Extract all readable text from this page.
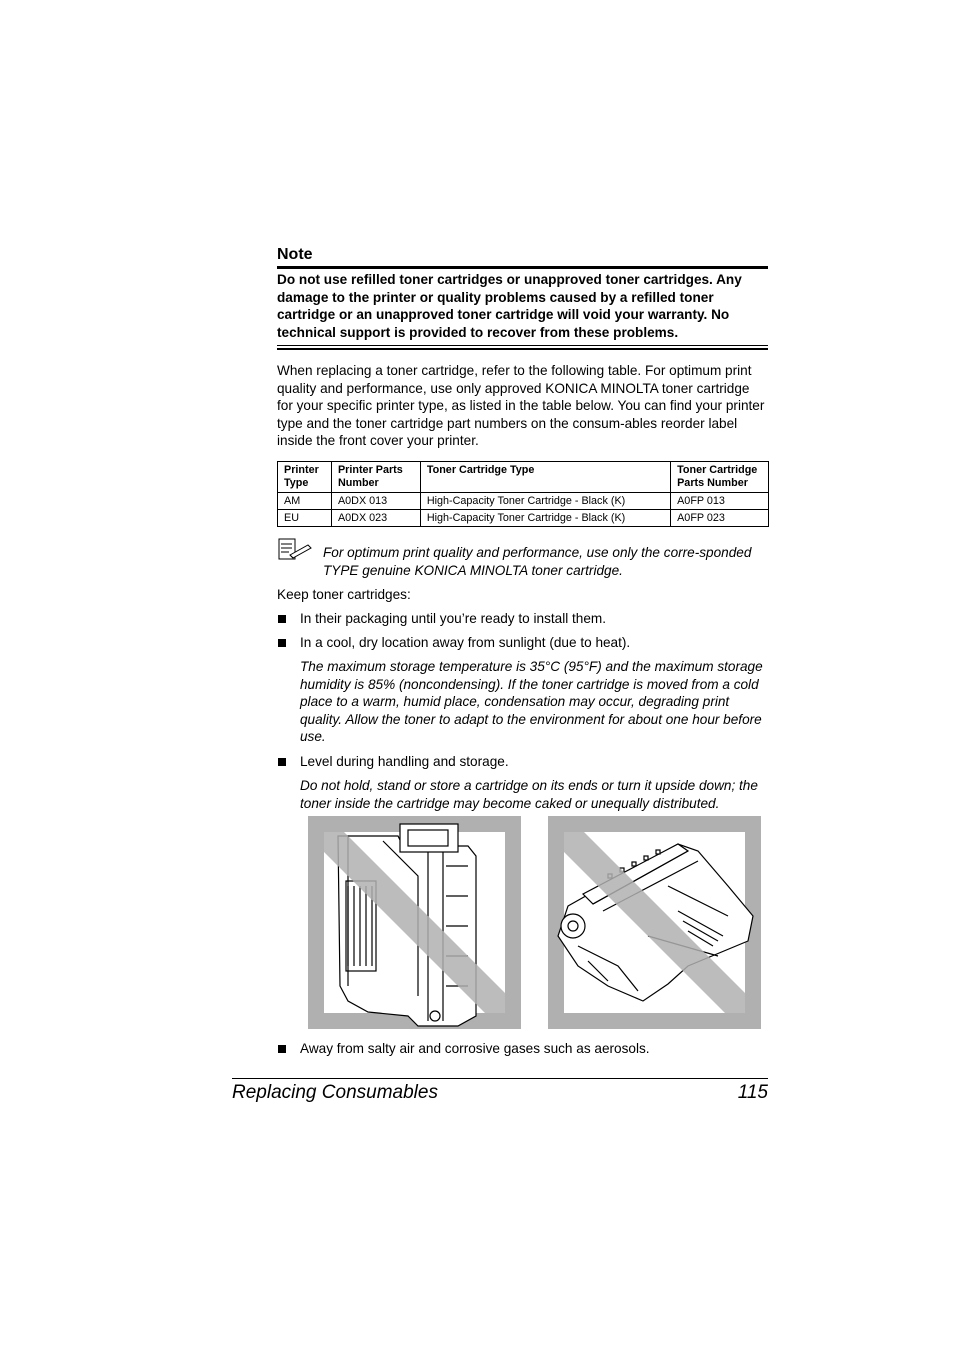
Note
Do not use refilled toner cartridges or unapproved toner cartridges. Any damage to the printer or quality problems caused by a refilled toner cartridge or an unapproved toner cartridge will void your warranty. No technical support is provided to recover from these problems.
When replacing a toner cartridge, refer to the following table. For optimum print quality and performance, use only approved KONICA MINOLTA toner cartridge for your specific printer type, as listed in the table below. You can find your printer type and the toner cartridge part numbers on the consum-ables reorder label inside the front cover your printer.
Printer Type	Printer Parts Number	Toner Cartridge Type	Toner Cartridge Parts Number
AM	A0DX 013	High-Capacity Toner Cartridge - Black (K)	A0FP 013
EU	A0DX 023	High-Capacity Toner Cartridge - Black (K)	A0FP 023
For optimum print quality and performance, use only the corre-sponded TYPE genuine KONICA MINOLTA toner cartridge.
Keep toner cartridges:
In their packaging until you’re ready to install them.
In a cool, dry location away from sunlight (due to heat).
The maximum storage temperature is 35°C (95°F) and the maximum storage humidity is 85% (noncondensing). If the toner cartridge is moved from a cold place to a warm, humid place, condensation may occur, degrading print quality. Allow the toner to adapt to the environment for about one hour before use.
Level during handling and storage.
Do not hold, stand or store a cartridge on its ends or turn it upside down; the toner inside the cartridge may become caked or unequally distributed.
Away from salty air and corrosive gases such as aerosols.
Replacing Consumables	115
